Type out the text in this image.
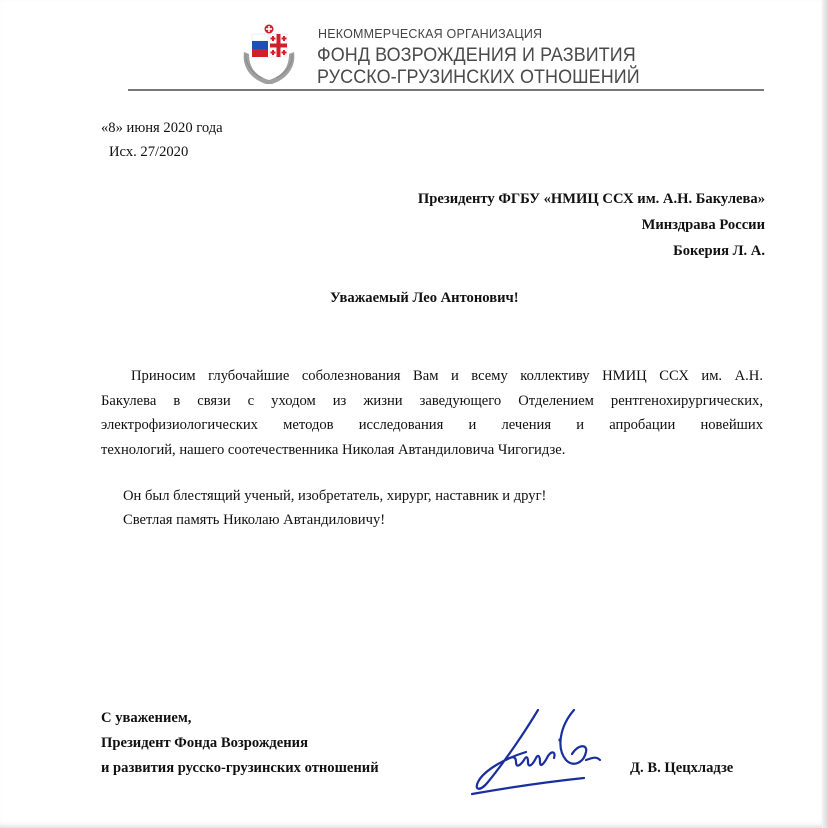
НЕКОММЕРЧЕСКАЯ ОРГАНИЗАЦИЯ
ФОНД ВОЗРОЖДЕНИЯ И РАЗВИТИЯ
РУССКО-ГРУЗИНСКИХ ОТНОШЕНИЙ
«8» июня 2020 года
Исх. 27/2020
Президенту ФГБУ «НМИЦ ССХ им. А.Н. Бакулева»
Минздрава России
Бокерия Л. А.
Уважаемый Лео Антонович!
Приносим глубочайшие соболезнования Вам и всему коллективу НМИЦ ССХ им. А.Н.
Бакулева в связи с уходом из жизни заведующего Отделением рентгенохирургических,
электрофизиологических методов исследования и лечения и апробации новейших
технологий, нашего соотечественника Николая Автандиловича Чигогидзе.
Он был блестящий ученый, изобретатель, хирург, наставник и друг!
Светлая память Николаю Автандиловичу!
С уважением,
Президент Фонда Возрождения
и развития русско-грузинских отношений	Д. В. Цецхладзе
